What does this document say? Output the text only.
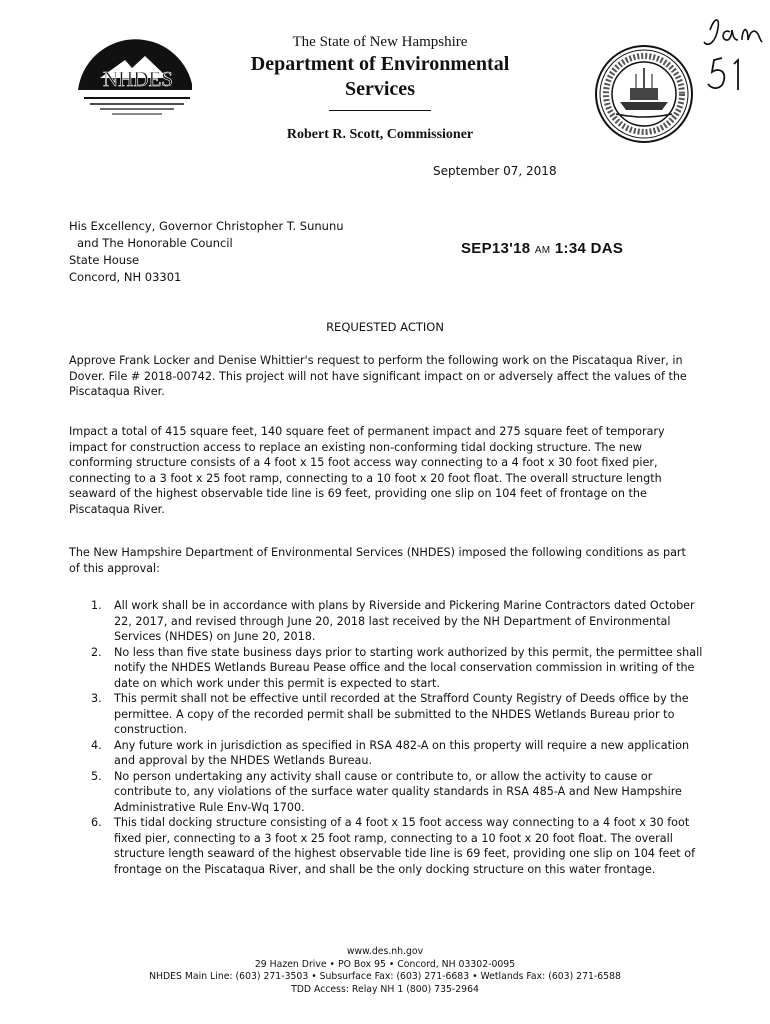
NHDES
The State of New Hampshire
Department of Environmental
Services
Robert R. Scott, Commissioner
September 07, 2018
His Excellency, Governor Christopher T. Sununu
and The Honorable Council
State House
Concord, NH 03301
SEP13'18 AM 1:34 DAS
REQUESTED ACTION
Approve Frank Locker and Denise Whittier's request to perform the following work on the Piscataqua River, in Dover. File # 2018-00742. This project will not have significant impact on or adversely affect the values of the Piscataqua River.
Impact a total of 415 square feet, 140 square feet of permanent impact and 275 square feet of temporary impact for construction access to replace an existing non-conforming tidal docking structure. The new conforming structure consists of a 4 foot x 15 foot access way connecting to a 4 foot x 30 foot fixed pier, connecting to a 3 foot x 25 foot ramp, connecting to a 10 foot x 20 foot float. The overall structure length seaward of the highest observable tide line is 69 feet, providing one slip on 104 feet of frontage on the Piscataqua River.
The New Hampshire Department of Environmental Services (NHDES) imposed the following conditions as part of this approval:
1. All work shall be in accordance with plans by Riverside and Pickering Marine Contractors dated October 22, 2017, and revised through June 20, 2018 last received by the NH Department of Environmental Services (NHDES) on June 20, 2018.
2. No less than five state business days prior to starting work authorized by this permit, the permittee shall notify the NHDES Wetlands Bureau Pease office and the local conservation commission in writing of the date on which work under this permit is expected to start.
3. This permit shall not be effective until recorded at the Strafford County Registry of Deeds office by the permittee. A copy of the recorded permit shall be submitted to the NHDES Wetlands Bureau prior to construction.
4. Any future work in jurisdiction as specified in RSA 482-A on this property will require a new application and approval by the NHDES Wetlands Bureau.
5. No person undertaking any activity shall cause or contribute to, or allow the activity to cause or contribute to, any violations of the surface water quality standards in RSA 485-A and New Hampshire Administrative Rule Env-Wq 1700.
6. This tidal docking structure consisting of a 4 foot x 15 foot access way connecting to a 4 foot x 30 foot fixed pier, connecting to a 3 foot x 25 foot ramp, connecting to a 10 foot x 20 foot float. The overall structure length seaward of the highest observable tide line is 69 feet, providing one slip on 104 feet of frontage on the Piscataqua River, and shall be the only docking structure on this water frontage.
www.des.nh.gov
29 Hazen Drive • PO Box 95 • Concord, NH 03302-0095
NHDES Main Line: (603) 271-3503 • Subsurface Fax: (603) 271-6683 • Wetlands Fax: (603) 271-6588
TDD Access: Relay NH 1 (800) 735-2964
